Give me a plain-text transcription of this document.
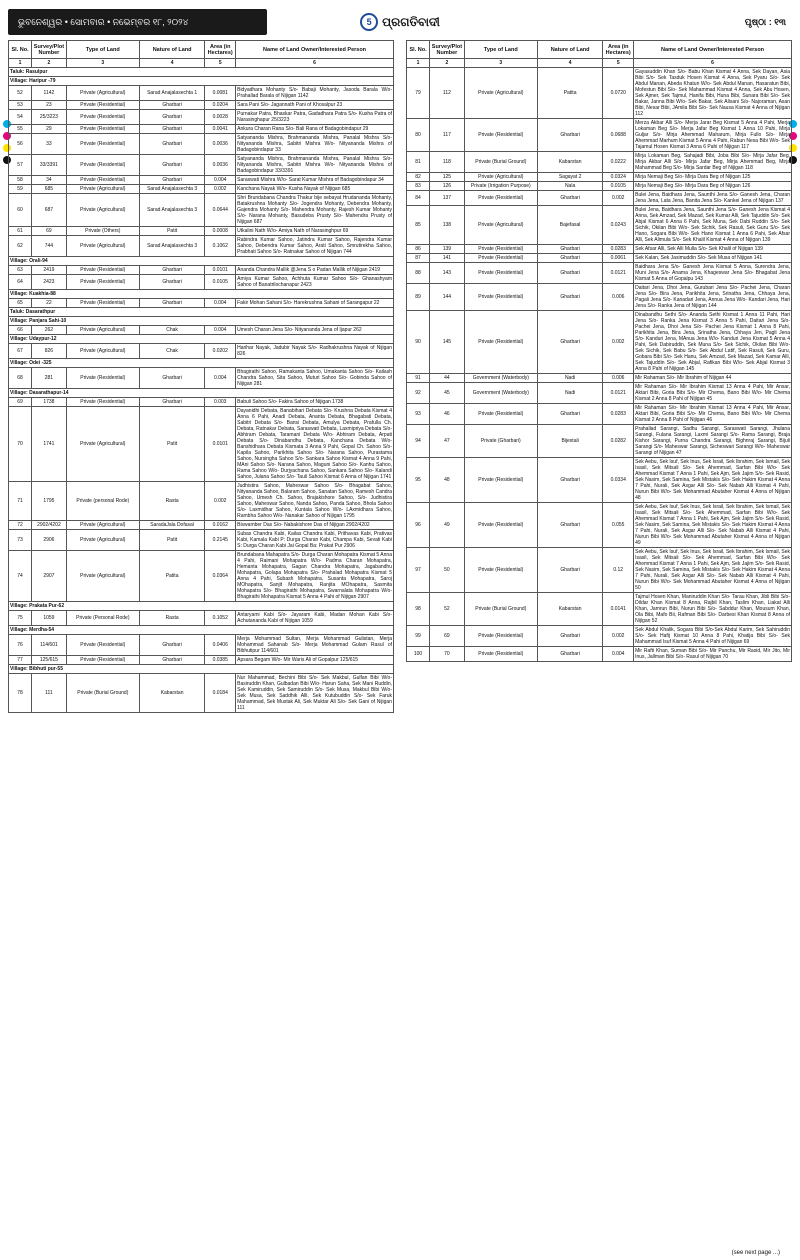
ଭୁବନେଶ୍ୱର • ସୋମବାର • ନଭେମ୍ବର ୧୮, ୨୦୨୪	5 ପ୍ରଗତିବାଦୀ	ପୃଷ୍ଠା : ୧୩
Sl. No.	Survey/Plot Number	Type of Land	Nature of Land	Area (in Hectares)	Name of Land Owner/Interested Person
1	2	3	4	5	6
Taluk: Rasulpur					
Village: Haripur -79					
52	1142	Private (Agricultural)	Sarad Anajalasechta 1	0.0081	Bidyadhara Mohanty S/o- Babaji Mohanty, Jasoda Barala W/o- Prahallad Barala of Nijigan 1142
53	23	Private (Residential)	Gharbari	0.0204	Sara Pani S/o- Jagannath Pani of Khosalpur 23
54	25/3223	Private (Residential)	Gharbari	0.0028	Purnakar Patra, Bhaskar Patra, Gadadhara Patra S/o- Kusha Patra of Narasinghapur 25/3223
55	29	Private (Residential)	Gharbari	0.0041	Ankura Charan Rana S/o- Bali Rana of Badagobindapur 29
56	33	Private (Residential)	Gharbari	0.0036	Satyananda Mishra, Brahmananda Mishra, Panalal Mishra S/o- Nityananda Mishra, Sabitri Mishra W/o- Nityananda Mishra of Badagobindapur 33
57	33/3391	Private (Residential)	Gharbari	0.0036	Satyananda Mishra, Brahmananda Mishra, Panalal Mishra S/o- Nityananda Mishra, Sabitri Mishra W/o- Nityananda Mishra of Badagobindapur 33/3391
58	34	Private (Residential)	Gharbari	0.004	Saraswati Mishra W/o- Sarat Kumar Mishra of Badagobindapur 34
59	685	Private (Agricultural)	Sarad Anajalasechta 3	0.002	Kanchana Nayak W/o- Kusha Nayak of Nijigan 685
60	687	Private (Agricultural)	Sarad Anajalasechta 3	0.0644	Shri Brundabana Chandra Thakur bije sebayat Hrudananda Mohanty, Batakrushna Mohanty S/o- Jogendra Mohanty, Debendra Mohanty, Gajendra Mohanty S/o- Mahendra Mohanty, Rajesh Kumar Mohanty S/o- Narana Mohanty, Basudeba Prusty S/o- Mahendra Prusty of Nijigan 687
61	69	Private (Others)	Patit	0.0008	Utkalini Nath W/o- Amiya Nath of Narasinghpur 69
62	744	Private (Agricultural)	Sarad Anajalasechta 3	0.1062	Rabindra Kumar Sahoo, Jatindra Kumar Sahoo, Rajendra Kumar Sahoo, Debendra Kumar Sahoo, Arati Sahoo, Smrutirekha Sahoo, Prabhati Sahoo S/o- Ratnakar Sahoo of Nijigan 744
Village: Orali-94					
63	2419	Private (Residential)	Gharbari	0.0101	Ananda Chandra Mallik @Jena S o Padan Mallik of Nijigan 2419
64	2423	Private (Residential)	Gharbari	0.0105	Amiya Kumar Sahoo, Achhuta Kumar Sahoo S/o- Ghanashyam Sahoo of Banatrilochanapur 2423
Village: Kuakhia-88					
65	22	Private (Residential)	Gharbari	0.004	Fakir Mohan Sahani S/o- Harekrushna Sahani of Sarangapur 22
Taluk: Dasarathpur					
Village: Panjara Sahi-10					
66	262	Private (Agricultural)	Chak	0.004	Umesh Charan Jena S/o- Nityananda Jena of Ijapur 262
Village: Udaypur-12					
67	826	Private (Agricultural)	Chak	0.0202	Harihar Nayak, Jadubir Nayak S/o- Radhakrushna Nayak of Nijigan 826
Village: Odei -325					
68	281	Private (Residential)	Gharbari	0.004	Bhagirathi Sahoo, Ramakanta Sahoo, Umakanta Sahoo S/o- Kailash Chandra Sahoo, Sita Sahoo, Muturi Sahoo S/o- Gobinda Sahoo of Nijigan 281
Village: Dasarathapur-14					
69	1738	Private (Residential)	Gharbari	0.003	Babuli Sahoo S/o- Fakira Sahoo of Nijigan 1738
70	1741	Private (Agricultural)	Patit	0.0101	Dayanidhi Debata, Banabihari Debata S/o- Krushna Debata Kismat 4 Anna 6 Pahi, Anadi Debata, Ananta Debata, Bhagabati Debata, Sabitri Debata S/o- Bansi Debata, Amulya Debata, Prafulla Ch. Debata, Ratnakar Debata, Saraswati Debata, Laxmipriya Debata S/o- Abhiram Debata, Taramani Debata W/o- Abhiram Debata, Arpati Debata S/o- Dinabandhu Debata, Kanchana Debata W/o- Banshidhara Debata Kismata 3 Anna 9 Pahi, Gopal Ch. Sahoo S/o- Kapila Sahoo, Parikhita Sahoo S/o- Narana Sahoo, Purastama Sahoo, Nursingha Sahoo S/o- Sankara Sahoo Kismat 4 Anna 9 Pahi, MAni Sahoo S/o- Narana Sahoo, Maguni Sahoo S/o- Kanhu Sahoo, Rama Sahoo W/o- Durjyachana Sahoo, Sankara Sahoo S/o- Kalandi Sahoo, Julana Sahoo S/o- Tauli Sahoo Kismat 6 Anna of Nijigan 1741
71	1795	Private (personal Rode)	Rasta	0.002	Judhistira Sahoo, Maheswar Sahoo S/o- Bhagabat Sahoo, Nityananda Sahoo, Balaram Sahoo, Sanatan Sahoo, Ramesh Candra Sahoo, Umesh Ch. Sahoo, Brajakishore Sahoo, S/o- Judhistira Sahoo, Maheswar Sahoo, Nanda Sahoo, Panda Sahoo, Bhola Sahoo S/o- Laxmidhar Sahoo, Kuntala Sahoo W/o- LAxmidhara Sahoo, Rambha Sahoo W/o- Nanakar Sahoo of Nijigan 1795
72	2902/4202	Private (Agricultural)	SaradaJala Dofasal	0.0162	Biswamber Das S/o- Nabakishore Das of Nijigan 2902/4202
73	2906	Private (Agricultural)	Patit	0.2145	Subas Chandra Kabi, Kailas Chandra Kabi, Prithavas Kabi, Prativas Kabi, Kamala Kabi P: Durga Charan Kabi, Champa Kabi, Sevati Kabi S: Durga Charan Kabi Jai Gopal Ba: Prakat Pur 2906
74	2907	Private (Agricultural)	Patita	0.0364	Brundabana Mahapatra S/o- Durga Charan Mohapatra Kismat 5 Anna 4 Pahi, Raimani Mohapatra W/o- Padma Charan Mohapatra, Hemanta Mohapatra, Gagan Chandra Mohapatra, Jagabandhu Mohapatra, Golapa Mohapatra S/o- Prahalad Mohapatra Kismat 5 Anna 4 Pahi, Subash Mohapatra, Susanta Mohapatra, Saroj MOhapatra, Sanjit Mohapatra, Ranjita MOhapatra, Sasmita Mohapatra S/o- Bhagirathi Mohapatra, Swarnalata Mohapatra W/o- Bhagirathi Mohapatra Kismat 5 Anna 4 Pahi of Nijigan 2907
Village: Prakata Pur-62					
75	1059	Private (Personal Rode)	Rasta	0.1052	Antaryami Kabi S/o- Jayaram Kabi, Madan Mohan Kabi S/o- Achutananda Kabi of Nijigan 1059
Village: Merdha-54					
76	114/601	Private (Residential)	Gharbari	0.0406	Merja Mohammad Sultan, Merja Mohammad Gulistan, Merja Mohammad Sahanab S/o- Merja Mohammad Gulam Rasul of Bibhutipur 114/601
77	125/615	Private (Residential)	Gharbari	0.0385	Apsara Begam W/o- Mir Waris Ali of Gopalpur 125/615
Village: Bibhuti pur-55					
78	111	Private (Burial Ground)	Kabarstan	0.0184	Nur Mahammad, Bechini Bibi S/o- Sek Makbul, Gulfan Bibi W/o- Basiruddin Khan, Gulbadan Bibi W/o- Harun Saha, Sek Mani Ruddin, Sek Kamiruddin, Sek Samiruddin S/o- Sek Musa, Makbul Bibi W/o- Sek Musa, Sek Saddhik Alli, Sek Kutubuddin S/o- Sek Faruk Mahammad, Sek Mustak Ali, Sek Muktar Ali S/o- Sek Gani of Nijigan 111
Sl. No.	Survey/Plot Number	Type of Land	Nature of Land	Area (in Hectares)	Name of Land Owner/Interested Person
1	2	3	4	5	6
79	112	Private (Agricultural)	Patita	0.0720	Gayasuddin Khan S/o- Babu Khan Kismat 4 Anna, Sek Dayan, Asia Bibi S/o- Sek Tasduk Hosen Kismat 4 Anna, Sek Pyaru S/o- Sek Abdul Manan, Abeda Khatun W/o- Sek Abdul Manan, Hasaratun Bibi, Mofestun Bibi S/o- Sek Mahammad Kismat 4 Anna, Sek Abu Hosen, Sek Ajmer, Sek Tajmul, Hanifa Bibi, Huna Bibi, Sunara Bibi S/o- Sek Bakar, Janna Bibi W/o- Sek Bakar, Sek Alisani S/o- Najoraman, Asan Bibi, Nesar Bibi, JAmila Bibi S/o- Sek Nausa Kismat 4 Anna of Nijigan 112
80	117	Private (Residential)	Gharbari	0.0688	Merza Akbar Alli S/o- Merja Jarar Beg Kismat 5 Anna 4 Pahi, Merja Lokaman Beg S/o- Merja Jafar Beg Kismat 1 Anna 10 Pahi, Mirja Guljar S/o- Mirja Ahemmad Maharum, Mirja Fullo S/o- Mirja Ahemmad Marhum Kismat 5 Anna 4 Pahi, Rabun Nesa Bibi W/o- Sek Tajamul Hosen Kismat 3 Anna 6 Pahi of Nijigan 117
81	118	Private (Burial Ground)	Kabarstan	0.0222	Mirja Lokaman Beg, Sahajadi Bibi, Joba Bibi S/o- Mirja Jafar Beg, Mirja Akbar Alli S/o- Mirja Jafar Beg, Mirja Ahemmad Beg, Mirja Mahammad Beg S/o- Mirja Sardar Beg of Nijigan 118
82	125	Private (Agricultural)	Sagayat 2	0.0324	Mirja Nemaji Beg S/o- Mirja Dara Beg of Nijigan 125
83	126	Private (Irrigation Purpose)	Nala	0.0105	Mirja Nemaji Beg S/o- Mirja Dara Beg of Nijigan 126
84	137	Private (Residential)	Gharbari	0.002	Bulei Jena, Baidhara Jena, Saunthi Jena S/o- Ganesh Jena, Charan Jena Jena, Lata Jena, Banita Jena S/o- Kankei Jena of Nijigan 137
85	138	Private (Agricultural)	Bajefasal	0.0243	Bulei Jena, Baidhara Jena, Saunthi Jena S/o- Ganesh Jena Kismat 4 Anna, Sek Amzad, Sek Mazad, Sek Kumar Alli, Sek Tajuddin S/o- Sek Abjal Kismat 6 Anna 6 Pahi, Sek Muna, Sek Dabi Ruddin S/o- Sek Sichik, Okilan Bibi W/o- Sek Sichik, Sek Rasuli, Sek Guru S/o- Sek Hano, Sogara Bibi W/o- Sek Hano Kismat 1 Anna 6 Pahi, Sek Afsar Alli, Sek Alimula S/o- Sek Khalil Kismat 4 Anna of Nijigan 139
86	139	Private (Residential)	Gharbari	0.0283	Sek Afsar Alli, Sek Alli Mulla S/o- Sek Khalil of Nijigan 139
87	141	Private (Residential)	Gharbari	0.0061	Sek Kalan, Sek Jasimuddin S/o- Sek Musa of Nijigan 141
88	143	Private (Residential)	Gharbari	0.0121	Baidhara Jena S/o- Ganesh Jena Kismat 5 Anna, Surendra Jena, Muni Jena S/o- Anama Jena, Khageswar Jena S/o- Bhagabat Jena Kismat 5 Anna of Gopalpu 143
89	144	Private (Residential)	Gharbari	0.006	Daitari Jena, Dhoi Jena, Gurubari Jena S/o- Pachei Jena, Charan Jena S/o- Bira Jena, Parikhita Jena, Srinatha Jena, Chhaya Jena, Pagali Jena S/o- Kanadari Jena, Annua Jena W/o- Kandari Jena, Hari Jena S/o- Ranka Jena of Nijigan 144
90	145	Private (Residential)	Gharbari	0.002	Dinabandhu Sethi S/o- Ananda Sethi Kismat 1 Anna 11 Pahi, Hari Jena S/o- Ranka Jena Kismat 3 Anna 5 Pahi, Daitari Jena S/o- Pachei Jena, Dhoi Jena S/o- Pachei Jena Kismat 1 Anna 8 Pahi, Parikhita Jena, Bira Jena, Srinatha Jena, Chhaya Jen, Pagli Jena S/o- Kanduri Jena, MAnua Jena W/o- Kanduri Jena Kismat 5 Anna 4 Pahi, Sek Dabiruddin, Sek Muna S/o- Sek Sichik, Okilan Bibi W/o- Sek Sichik, Sek Babu S/o- Sek Abdul Latif, Sek Rasuli, Sek Guru, Gobara Bibi S/o- Sek Hanu, Sek Amzad, Sek Mazad, Sek Kamar Alli, Sek Tajuddin S/o- Sek Abjal, Rafikan Bibi W/o- Sek Abjal Kismat 3 Anna 8 Pahi of Nijigan 145
91	44	Government (Waterbody)	Nadi	0.006	Mir Rahaman S/o- Mir Ibrahim of Nijigan 44
92	45	Government (Waterbody)	Nadi	0.0121	Mir Rahaman S/o- Mir Ibrahim Kismat 13 Anna 4 Pahi, Mir Ansar, Aktari Bibi, Goria Bibi S/o- Mir Chema, Bano Bibi W/o- Mir Chema Kismat 2 Anna 8 Pahi of Nijigan 45
93	46	Private (Residential)	Gharbari	0.0283	Mir Rahaman S/o- Mir Ibrahim Kismat 13 Anna 4 Pahi, Mir Ansar, Aktari Bibi, Goria Bibi S/o- Mir Chema, Bano Bibi W/o- Mir Chema Kismat 2 Anna 8 Pahi of Nijigan 46
94	47	Private (Gharbari)	Bijestali	0.0282	Prahallad Sarangi, Sadhu Sarangi, Saraswati Sarangi, Jhulana Sarangi, Fulana Sarangi, Laxmi Sarangi S/o- Rama Sarangi, Braja Kishor Sarangi, Purna Chandra Sarangi, Bighnraj Sarangi, Bijuli Sarangi S/o- Maheswar Sarangi, Sicheswari Sarangi W/o- Maheswar Sarangi of Nijigan 47
95	48	Private (Residential)	Gharbari	0.0334	Sek Aebu, Sek Isuf, Sek Inus, Sek Israil, Sek Ibrahim, Sek Ismail, Sek Isasil, Sek Mitsali S/o- Sek Ahemmad, Sarfan Bibi W/o- Sek Ahemmad Kismat 7 Anna 1 Pahi, Sek Ajm, Sek Jajim S/o- Sek Rasid, Sek Nasim, Sek Samina, Sek Mistakis S/o- Sek Hakim Kismat 4 Anna 7 Pahi, Nurali, Sek Asgar Alli S/o- Sek Nabab Alli Kismat 4 Pahi, Nurun Bibi W/o- Sek Mohammad Abutaher Kismat 4 Anna of Nijigan 48
96	49	Private (Residential)	Gharbari	0.055	Sek Aebu, Sek Isuf, Sek Inus, Sek Israil, Sek Ibrahim, Sek Ismail, Sek Isasil, Sek Mitsali S/o- Sek Ahemmad, Sarfan Bibi W/o- Sek Ahemmad Kismat 7 Anna 1 Pahi, Sek Ajm, Sek Jajim S/o- Sek Rasid, Sek Nasim, Sek Samina, Sek Mistakis S/o- Sek Hakim Kismat 4 Anna 7 Pahi, Nurali, Sek Asgar Alli S/o- Sek Nabab Alli Kismat 4 Pahi, Nurun Bibi W/o- Sek Mohammad Abutaher Kismat 4 Anna of Nijigan 49
97	50	Private (Residential)	Gharbari	0.12	Sek Aebu, Sek Isuf, Sek Inus, Sek Israil, Sek Ibrahim, Sek Ismail, Sek Isasil, Sek Mitsali S/o- Sek Ahemmad, Sarfan Bibi W/o- Sek Ahemmad Kismat 7 Anna 1 Pahi, Sek Ajm, Sek Jajim S/o- Sek Rasid, Sek Nasim, Sek Samina, Sek Mistakis S/o- Sek Hakim Kismat 4 Anna 7 Pahi, Nurali, Sek Asgar Alli S/o- Sek Nabab Alli Kismat 4 Pahi, Nurun Bibi W/o- Sek Mohammad Abutaher Kismat 4 Anna of Nijigan 50
98	52	Private (Burial Ground)	Kabarstan	0.0141	Tajmul Hosen Khan, Maniruddin Khan S/o- Tarau Khan, Jibli Bibi S/o- Dildar Khan Kismat 8 Anna, Rajbil Khan, Taslim Khan, Liakat Alli Khan, Jamrun Bibi, Nurun Bibi S/o- Sabddur Khan, Mousum Khan, Ola Bibi, Mafo Bii, Rafman Bibi S/o- Darbesi Khan Kismat 8 Anna of Nijigan 52
99	69	Private (Residential)	Gharbari	0.002	Sek Abdul Khalik, Sogara Bibi S/o-Sek Abdul Karim, Sek Sahiruddin S/o- Sek Hafij Kismat 10 Anna 8 Pahi, Khatija Bibi S/o- Sek Mahammad Isuf Kismat 5 Anna 4 Pahi of Nijigan 69
100	70	Private (Residential)	Gharbari	0.004	Mir Rafti Khan, Suman Bibi S/o- Mir Panchu, Mir Rasid, Mir Jito, Mir Inus, Jallman Bibi S/o- Rasul of Nijigan 70
(see next page ...)
